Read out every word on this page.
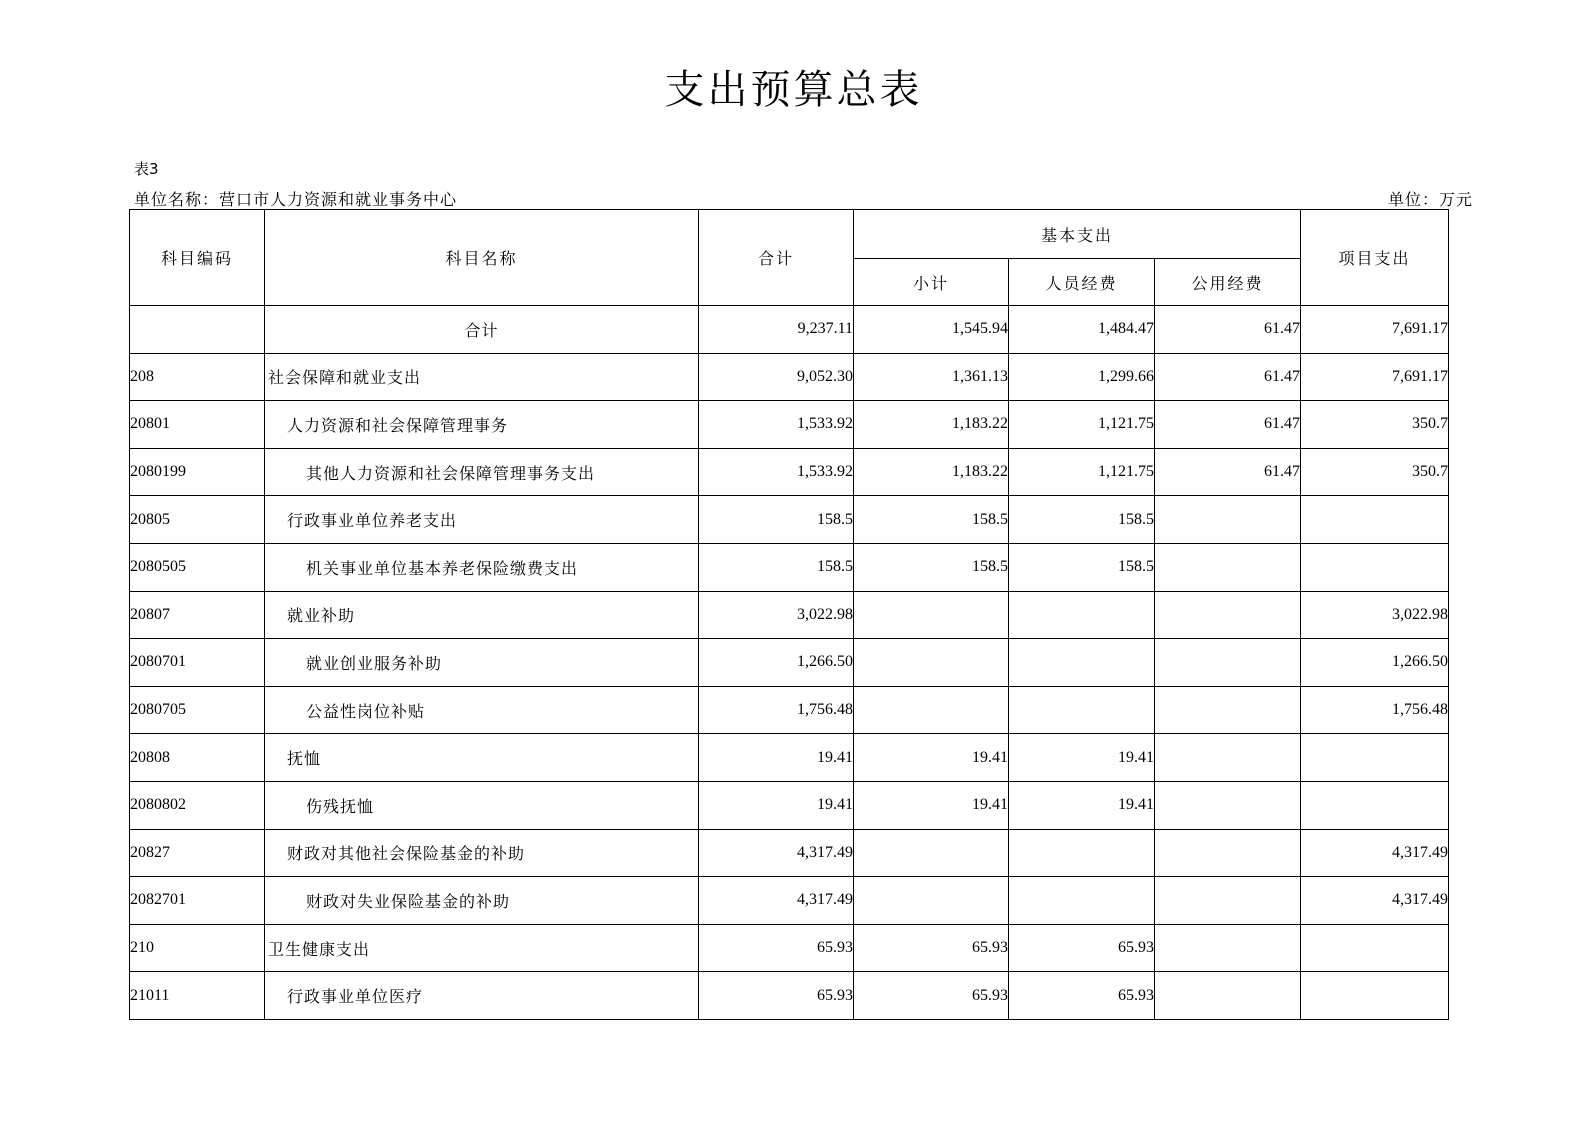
支出预算总表
表3
单位名称：营口市人力资源和就业事务中心	单位：万元
科目编码	科目名称	合计	基本支出			项目支出
			小计	人员经费	公用经费	
	合计	9,237.11	1,545.94	1,484.47	61.47	7,691.17
208	社会保障和就业支出	9,052.30	1,361.13	1,299.66	61.47	7,691.17
20801	人力资源和社会保障管理事务	1,533.92	1,183.22	1,121.75	61.47	350.7
2080199	其他人力资源和社会保障管理事务支出	1,533.92	1,183.22	1,121.75	61.47	350.7
20805	行政事业单位养老支出	158.5	158.5	158.5		
2080505	机关事业单位基本养老保险缴费支出	158.5	158.5	158.5		
20807	就业补助	3,022.98				3,022.98
2080701	就业创业服务补助	1,266.50				1,266.50
2080705	公益性岗位补贴	1,756.48				1,756.48
20808	抚恤	19.41	19.41	19.41		
2080802	伤残抚恤	19.41	19.41	19.41		
20827	财政对其他社会保险基金的补助	4,317.49				4,317.49
2082701	财政对失业保险基金的补助	4,317.49				4,317.49
210	卫生健康支出	65.93	65.93	65.93		
21011	行政事业单位医疗	65.93	65.93	65.93		
